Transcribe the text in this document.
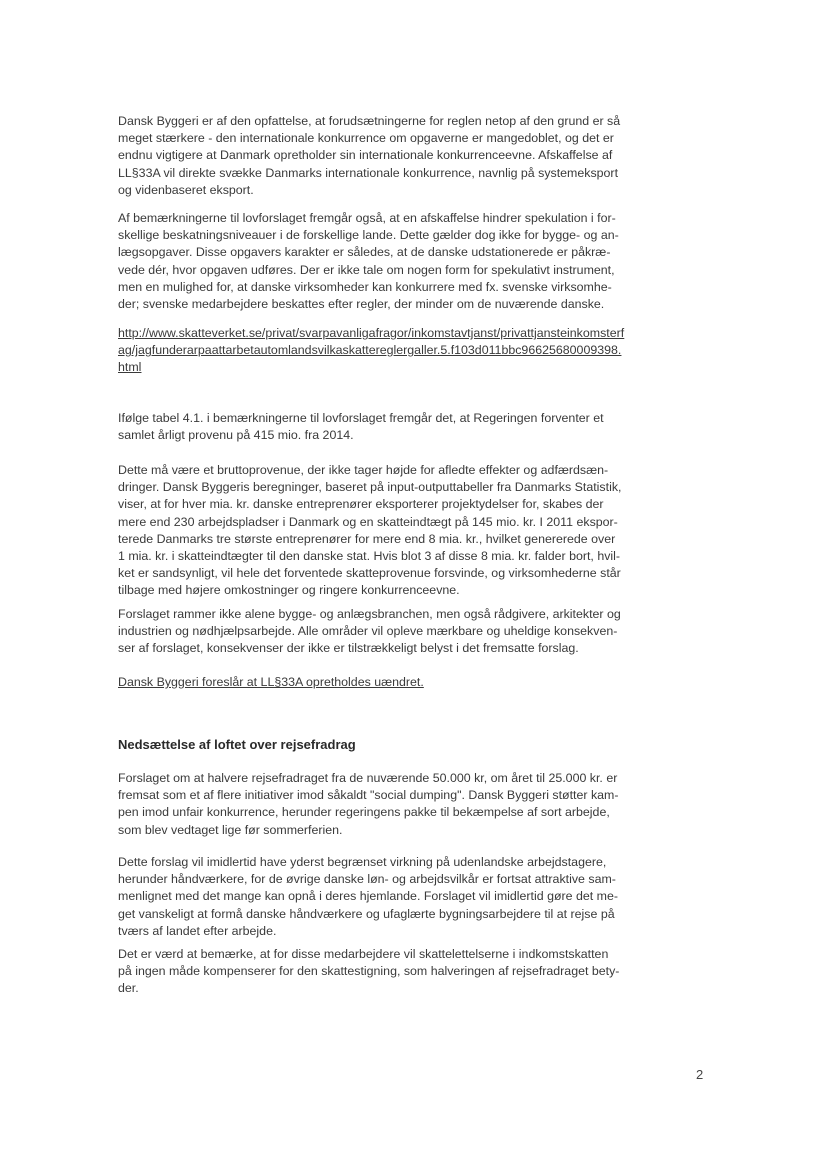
Dansk Byggeri er af den opfattelse, at forudsætningerne for reglen netop af den grund er så
meget stærkere - den internationale konkurrence om opgaverne er mangedoblet, og det er
endnu vigtigere at Danmark opretholder sin internationale konkurrenceevne. Afskaffelse af
LL§33A vil direkte svække Danmarks internationale konkurrence, navnlig på systemeksport
og videnbaseret eksport.

Af bemærkningerne til lovforslaget fremgår også, at en afskaffelse hindrer spekulation i for-
skellige beskatningsniveauer i de forskellige lande. Dette gælder dog ikke for bygge- og an-
lægsopgaver. Disse opgavers karakter er således, at de danske udstationerede er påkræ-
vede dér, hvor opgaven udføres. Der er ikke tale om nogen form for spekulativt instrument,
men en mulighed for, at danske virksomheder kan konkurrere med fx. svenske virksomhe-
der; svenske medarbejdere beskattes efter regler, der minder om de nuværende danske.

http://www.skatteverket.se/privat/svarpavanligafragor/inkomstavtjanst/privattjansteinkomsterf
ag/jagfunderarpaattarbetautomlandsvilkaskattereglergaller.5.f103d011bbc96625680009398.
html

Ifølge tabel 4.1. i bemærkningerne til lovforslaget fremgår det, at Regeringen forventer et
samlet årligt provenu på 415 mio. fra 2014.

Dette må være et bruttoprovenue, der ikke tager højde for afledte effekter og adfærdsæn-
dringer. Dansk Byggeris beregninger, baseret på input-outputtabeller fra Danmarks Statistik,
viser, at for hver mia. kr. danske entreprenører eksporterer projektydelser for, skabes der
mere end 230 arbejdspladser i Danmark og en skatteindtægt på 145 mio. kr. I 2011 ekspor-
terede Danmarks tre største entreprenører for mere end 8 mia. kr., hvilket genererede over
1 mia. kr. i skatteindtægter til den danske stat. Hvis blot 3 af disse 8 mia. kr. falder bort, hvil-
ket er sandsynligt, vil hele det forventede skatteprovenue forsvinde, og virksomhederne står
tilbage med højere omkostninger og ringere konkurrenceevne.

Forslaget rammer ikke alene bygge- og anlægsbranchen, men også rådgivere, arkitekter og
industrien og nødhjælpsarbejde. Alle områder vil opleve mærkbare og uheldige konsekven-
ser af forslaget, konsekvenser der ikke er tilstrækkeligt belyst i det fremsatte forslag.

Dansk Byggeri foreslår at LL§33A opretholdes uændret.

Nedsættelse af loftet over rejsefradrag

Forslaget om at halvere rejsefradraget fra de nuværende 50.000 kr, om året til 25.000 kr. er
fremsat som et af flere initiativer imod såkaldt "social dumping". Dansk Byggeri støtter kam-
pen imod unfair konkurrence, herunder regeringens pakke til bekæmpelse af sort arbejde,
som blev vedtaget lige før sommerferien.

Dette forslag vil imidlertid have yderst begrænset virkning på udenlandske arbejdstagere,
herunder håndværkere, for de øvrige danske løn- og arbejdsvilkår er fortsat attraktive sam-
menlignet med det mange kan opnå i deres hjemlande. Forslaget vil imidlertid gøre det me-
get vanskeligt at formå danske håndværkere og ufaglærte bygningsarbejdere til at rejse på
tværs af landet efter arbejde.

Det er værd at bemærke, at for disse medarbejdere vil skattelettelserne i indkomstskatten
på ingen måde kompenserer for den skattestigning, som halveringen af rejsefradraget bety-
der.

2
